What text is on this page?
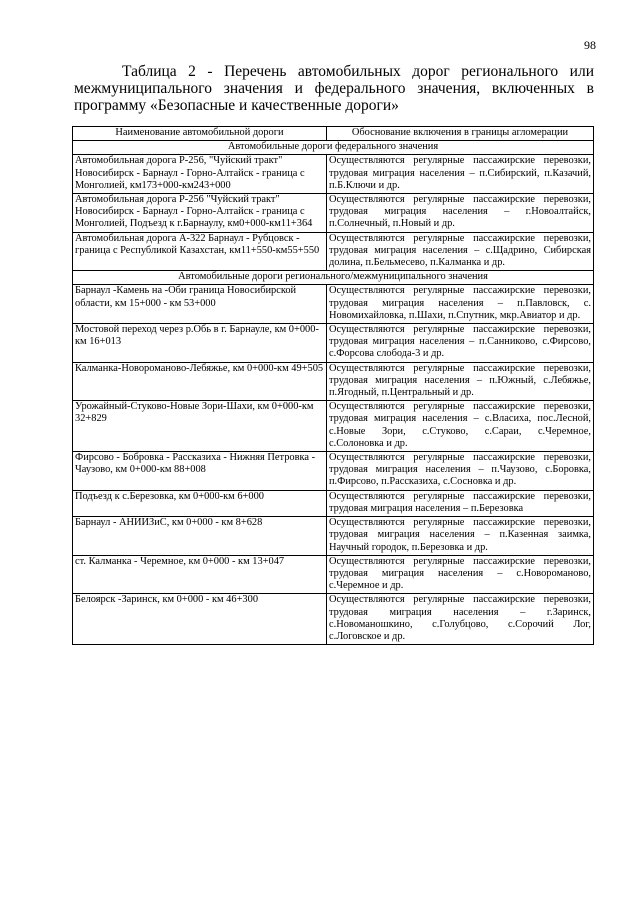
98
Таблица 2 - Перечень автомобильных дорог регионального или межмуниципального значения и федерального значения, включенных в программу «Безопасные и качественные дороги»
Наименование автомобильной дороги	Обоснование включения в границы агломерации
Автомобильные дороги федерального значения	
Автомобильная дорога Р-256, "Чуйский тракт" Новосибирск - Барнаул - Горно-Алтайск - граница с Монголией, км173+000-км243+000	Осуществляются регулярные пассажирские перевозки, трудовая миграция населения – п.Сибирский, п.Казачий, п.Б.Ключи и др.
Автомобильная дорога Р-256 "Чуйский тракт" Новосибирск - Барнаул - Горно-Алтайск - граница с Монголией, Подъезд к г.Барнаулу, км0+000-км11+364	Осуществляются регулярные пассажирские перевозки, трудовая миграция населения – г.Новоалтайск, п.Солнечный, п.Новый и др.
Автомобильная дорога А-322 Барнаул - Рубцовск - граница с Республикой Казахстан, км11+550-км55+550	Осуществляются регулярные пассажирские перевозки, трудовая миграция населения – с.Щадрино, Сибирская долина, п.Бельмесево, п.Калманка и др.
Автомобильные дороги регионального/межмуниципального значения	
Барнаул -Камень на -Оби граница Новосибирской области, км 15+000 - км 53+000	Осуществляются регулярные пассажирские перевозки, трудовая миграция населения – п.Павловск, с. Новомихайловка, п.Шахи, п.Спутник, мкр.Авиатор и др.
Мостовой переход через р.Обь в г. Барнауле, км 0+000-км 16+013	Осуществляются регулярные пассажирские перевозки, трудовая миграция населения – п.Санниково, с.Фирсово, с.Форсова слобода-3 и др.
Калманка-Новороманово-Лебяжье, км 0+000-км 49+505	Осуществляются регулярные пассажирские перевозки, трудовая миграция населения – п.Южный, с.Лебяжье, п.Ягодный, п.Центральный и др.
Урожайный-Стуково-Новые Зори-Шахи, км 0+000-км 32+829	Осуществляются регулярные пассажирские перевозки, трудовая миграция населения – с.Власиха, пос.Лесной, с.Новые Зори, с.Стуково, с.Сараи, с.Черемное, с.Солоновка и др.
Фирсово - Бобровка - Рассказиха - Нижняя Петровка - Чаузово, км 0+000-км 88+008	Осуществляются регулярные пассажирские перевозки, трудовая миграция населения – п.Чаузово, с.Боровка, п.Фирсово, п.Рассказиха, с.Сосновка и др.
Подъезд к с.Березовка, км 0+000-км 6+000	Осуществляются регулярные пассажирские перевозки, трудовая миграция населения – п.Березовка
Барнаул - АНИИЗиС, км 0+000 - км 8+628	Осуществляются регулярные пассажирские перевозки, трудовая миграция населения – п.Казенная заимка, Научный городок, п.Березовка и др.
ст. Калманка - Черемное, км 0+000 - км 13+047	Осуществляются регулярные пассажирские перевозки, трудовая миграция населения – с.Новороманово, с.Черемное и др.
Белоярск -Заринск, км 0+000 - км 46+300	Осуществляются регулярные пассажирские перевозки, трудовая миграция населения – г.Заринск, с.Новоманошкино, с.Голубцово, с.Сорочий Лог, с.Логовское и др.
